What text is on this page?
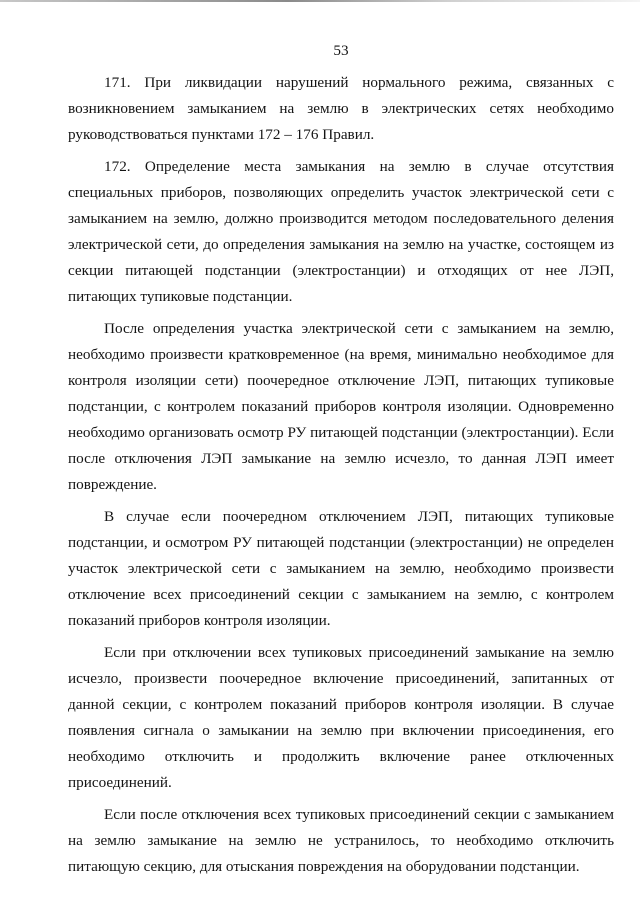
53

171. При ликвидации нарушений нормального режима, связанных с возникновением замыканием на землю в электрических сетях необходимо руководствоваться пунктами 172 – 176 Правил.

172. Определение места замыкания на землю в случае отсутствия специальных приборов, позволяющих определить участок электрической сети с замыканием на землю, должно производится методом последовательного деления электрической сети, до определения замыкания на землю на участке, состоящем из секции питающей подстанции (электростанции) и отходящих от нее ЛЭП, питающих тупиковые подстанции.

После определения участка электрической сети с замыканием на землю, необходимо произвести кратковременное (на время, минимально необходимое для контроля изоляции сети) поочередное отключение ЛЭП, питающих тупиковые подстанции, с контролем показаний приборов контроля изоляции. Одновременно необходимо организовать осмотр РУ питающей подстанции (электростанции). Если после отключения ЛЭП замыкание на землю исчезло, то данная ЛЭП имеет повреждение.

В случае если поочередном отключением ЛЭП, питающих тупиковые подстанции, и осмотром РУ питающей подстанции (электростанции) не определен участок электрической сети с замыканием на землю, необходимо произвести отключение всех присоединений секции с замыканием на землю, с контролем показаний приборов контроля изоляции.

Если при отключении всех тупиковых присоединений замыкание на землю исчезло, произвести поочередное включение присоединений, запитанных от данной секции, с контролем показаний приборов контроля изоляции. В случае появления сигнала о замыкании на землю при включении присоединения, его необходимо отключить и продолжить включение ранее отключенных присоединений.

Если после отключения всех тупиковых присоединений секции с замыканием на землю замыкание на землю не устранилось, то необходимо отключить питающую секцию, для отыскания повреждения на оборудовании подстанции.
